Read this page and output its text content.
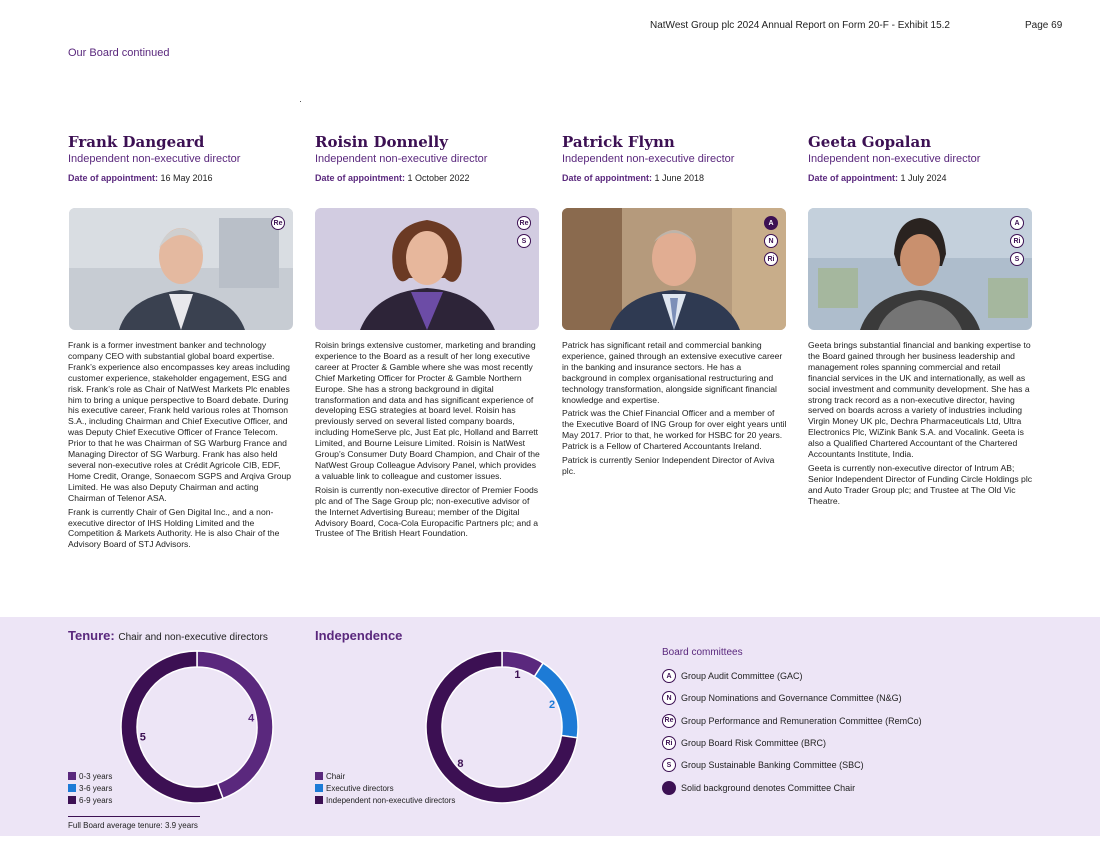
NatWest Group plc 2024 Annual Report on Form 20-F - Exhibit 15.2	Page 69
Our Board continued
Frank Dangeard
Independent non-executive director
Date of appointment: 16 May 2016
Roisin Donnelly
Independent non-executive director
Date of appointment: 1 October 2022
Patrick Flynn
Independent non-executive director
Date of appointment: 1 June 2018
Geeta Gopalan
Independent non-executive director
Date of appointment: 1 July 2024
Re	Re
S
A
N
Ri
A
Ri
S

Frank is a former investment banker and technology company CEO with substantial global board expertise. Frank’s experience also encompasses key areas including customer experience, stakeholder engagement, ESG and risk. Frank’s role as Chair of NatWest Markets Plc enables him to bring a unique perspective to Board debate. During his executive career, Frank held various roles at Thomson S.A., including Chairman and Chief Executive Officer, and was Deputy Chief Executive Officer of France Telecom. Prior to that he was Chairman of SG Warburg France and Managing Director of SG Warburg. Frank has also held several non-executive roles at Crédit Agricole CIB, EDF, Home Credit, Orange, Sonaecom SGPS and Arqiva Group Limited. He was also Deputy Chairman and acting Chairman of Telenor ASA.

Frank is currently Chair of Gen Digital Inc., and a non-executive director of IHS Holding Limited and the Competition & Markets Authority. He is also Chair of the Advisory Board of STJ Advisors.

Roisin brings extensive customer, marketing and branding experience to the Board as a result of her long executive career at Procter & Gamble where she was most recently Chief Marketing Officer for Procter & Gamble Northern Europe. She has a strong background in digital transformation and data and has significant experience of developing ESG strategies at board level. Roisin has previously served on several listed company boards, including HomeServe plc, Just Eat plc, Holland and Barrett Limited, and Bourne Leisure Limited. Roisin is NatWest Group’s Consumer Duty Board Champion, and Chair of the NatWest Group Colleague Advisory Panel, which provides a valuable link to colleague and customer issues.

Roisin is currently non-executive director of Premier Foods plc and of The Sage Group plc; non-executive advisor of the Internet Advertising Bureau; member of the Digital Advisory Board, Coca-Cola Europacific Partners plc; and a Trustee of The British Heart Foundation.

Patrick has significant retail and commercial banking experience, gained through an extensive executive career in the banking and insurance sectors. He has a background in complex organisational restructuring and technology transformation, alongside significant financial knowledge and expertise.

Patrick was the Chief Financial Officer and a member of the Executive Board of ING Group for over eight years until May 2017. Prior to that, he worked for HSBC for 20 years. Patrick is a Fellow of Chartered Accountants Ireland.

Patrick is currently Senior Independent Director of Aviva plc.

Geeta brings substantial financial and banking expertise to the Board gained through her business leadership and management roles spanning commercial and retail financial services in the UK and internationally, as well as social investment and community development. She has a strong track record as a non-executive director, having served on boards across a variety of industries including Virgin Money UK plc, Dechra Pharmaceuticals Ltd, Ultra Electronics Plc, WiZink Bank S.A. and Vocalink. Geeta is also a Qualified Chartered Accountant of the Chartered Accountants Institute, India.

Geeta is currently non-executive director of Intrum AB; Senior Independent Director of Funding Circle Holdings plc and Auto Trader Group plc; and Trustee at The Old Vic Theatre.

Tenure: Chair and non-executive directors
4
5
0-3 years
3-6 years
6-9 years
Full Board average tenure: 3.9 years
Independence
1
2
8
Chair
Executive directors
Independent non-executive directors
Board committees
A	Group Audit Committee (GAC)
N	Group Nominations and Governance Committee (N&G)
Re Group Performance and Remuneration Committee (RemCo)
Ri Group Board Risk Committee (BRC)
S	Group Sustainable Banking Committee (SBC)
Solid background denotes Committee Chair
